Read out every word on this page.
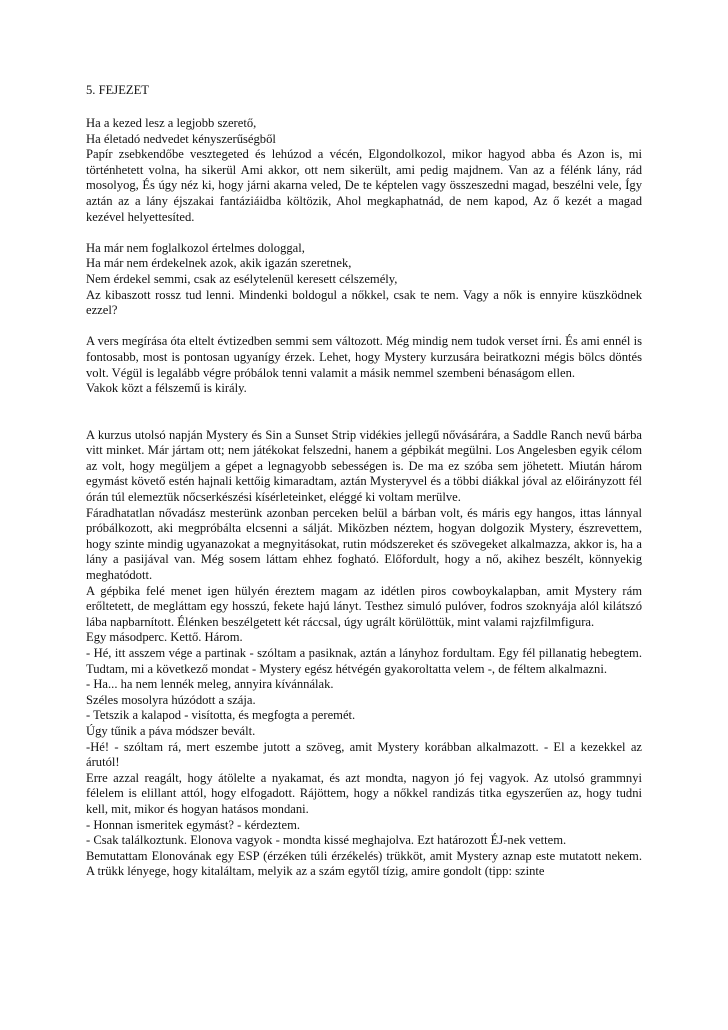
5. FEJEZET
Ha a kezed lesz a legjobb szerető,
Ha életadó nedvedet kényszerűségből
Papír zsebkendőbe vesztegeted és lehúzod a vécén, Elgondolkozol, mikor hagyod abba és Azon is, mi történhetett volna, ha sikerül Ami akkor, ott nem sikerült, ami pedig majdnem. Van az a félénk lány, rád mosolyog, És úgy néz ki, hogy járni akarna veled, De te képtelen vagy összeszedni magad, beszélni vele, Így aztán az a lány éjszakai fantáziáidba költözik, Ahol megkaphatnád, de nem kapod, Az ő kezét a magad kezével helyettesíted.
Ha már nem foglalkozol értelmes dologgal,
Ha már nem érdekelnek azok, akik igazán szeretnek,
Nem érdekel semmi, csak az esélytelenül keresett célszemély,
Az kibaszott rossz tud lenni. Mindenki boldogul a nőkkel, csak te nem. Vagy a nők is ennyire küszködnek ezzel?
A vers megírása óta eltelt évtizedben semmi sem változott. Még mindig nem tudok verset írni. És ami ennél is fontosabb, most is pontosan ugyanígy érzek. Lehet, hogy Mystery kurzusára beiratkozni mégis bölcs döntés volt. Végül is legalább végre próbálok tenni valamit a másik nemmel szembeni bénaságom ellen.
Vakok közt a félszemű is király.
A kurzus utolsó napján Mystery és Sin a Sunset Strip vidékies jellegű nővásárára, a Saddle Ranch nevű bárba vitt minket. Már jártam ott; nem játékokat felszedni, hanem a gépbikát megülni. Los Angelesben egyik célom az volt, hogy megüljem a gépet a legnagyobb sebességen is. De ma ez szóba sem jöhetett. Miután három egymást követő estén hajnali kettőig kimaradtam, aztán Mysteryvel és a többi diákkal jóval az előirányzott fél órán túl elemeztük nőcserkészési kísérleteinket, eléggé ki voltam merülve.
Fáradhatatlan nővadász mesterünk azonban perceken belül a bárban volt, és máris egy hangos, ittas lánnyal próbálkozott, aki megpróbálta elcsenni a sálját. Miközben néztem, hogyan dolgozik Mystery, észrevettem, hogy szinte mindig ugyanazokat a megnyitásokat, rutin módszereket és szövegeket alkalmazza, akkor is, ha a lány a pasijával van. Még sosem láttam ehhez fogható. Előfordult, hogy a nő, akihez beszélt, könnyekig meghatódott.
A gépbika felé menet igen hülyén éreztem magam az idétlen piros cowboykalapban, amit Mystery rám erőltetett, de megláttam egy hosszú, fekete hajú lányt. Testhez simuló pulóver, fodros szoknyája alól kilátszó lába napbarnított. Élénken beszélgetett két ráccsal, úgy ugrált körülöttük, mint valami rajzfilmfigura.
Egy másodperc. Kettő. Három.
- Hé, itt asszem vége a partinak - szóltam a pasiknak, aztán a lányhoz fordultam. Egy fél pillanatig hebegtem. Tudtam, mi a következő mondat - Mystery egész hétvégén gyakoroltatta velem -, de féltem alkalmazni.
- Ha... ha nem lennék meleg, annyira kívánnálak.
Széles mosolyra húzódott a szája.
- Tetszik a kalapod - visította, és megfogta a peremét.
Úgy tűnik a páva módszer bevált.
-Hé! - szóltam rá, mert eszembe jutott a szöveg, amit Mystery korábban alkalmazott. - El a kezekkel az árutól!
Erre azzal reagált, hogy átölelte a nyakamat, és azt mondta, nagyon jó fej vagyok. Az utolsó grammnyi félelem is elillant attól, hogy elfogadott. Rájöttem, hogy a nőkkel randizás titka egyszerűen az, hogy tudni kell, mit, mikor és hogyan hatásos mondani.
- Honnan ismeritek egymást? - kérdeztem.
- Csak találkoztunk. Elonova vagyok - mondta kissé meghajolva. Ezt határozott ÉJ-nek vettem.
Bemutattam Elonovának egy ESP (érzéken túli érzékelés) trükköt, amit Mystery aznap este mutatott nekem. A trükk lényege, hogy kitaláltam, melyik az a szám egytől tízig, amire gondolt (tipp: szinte
